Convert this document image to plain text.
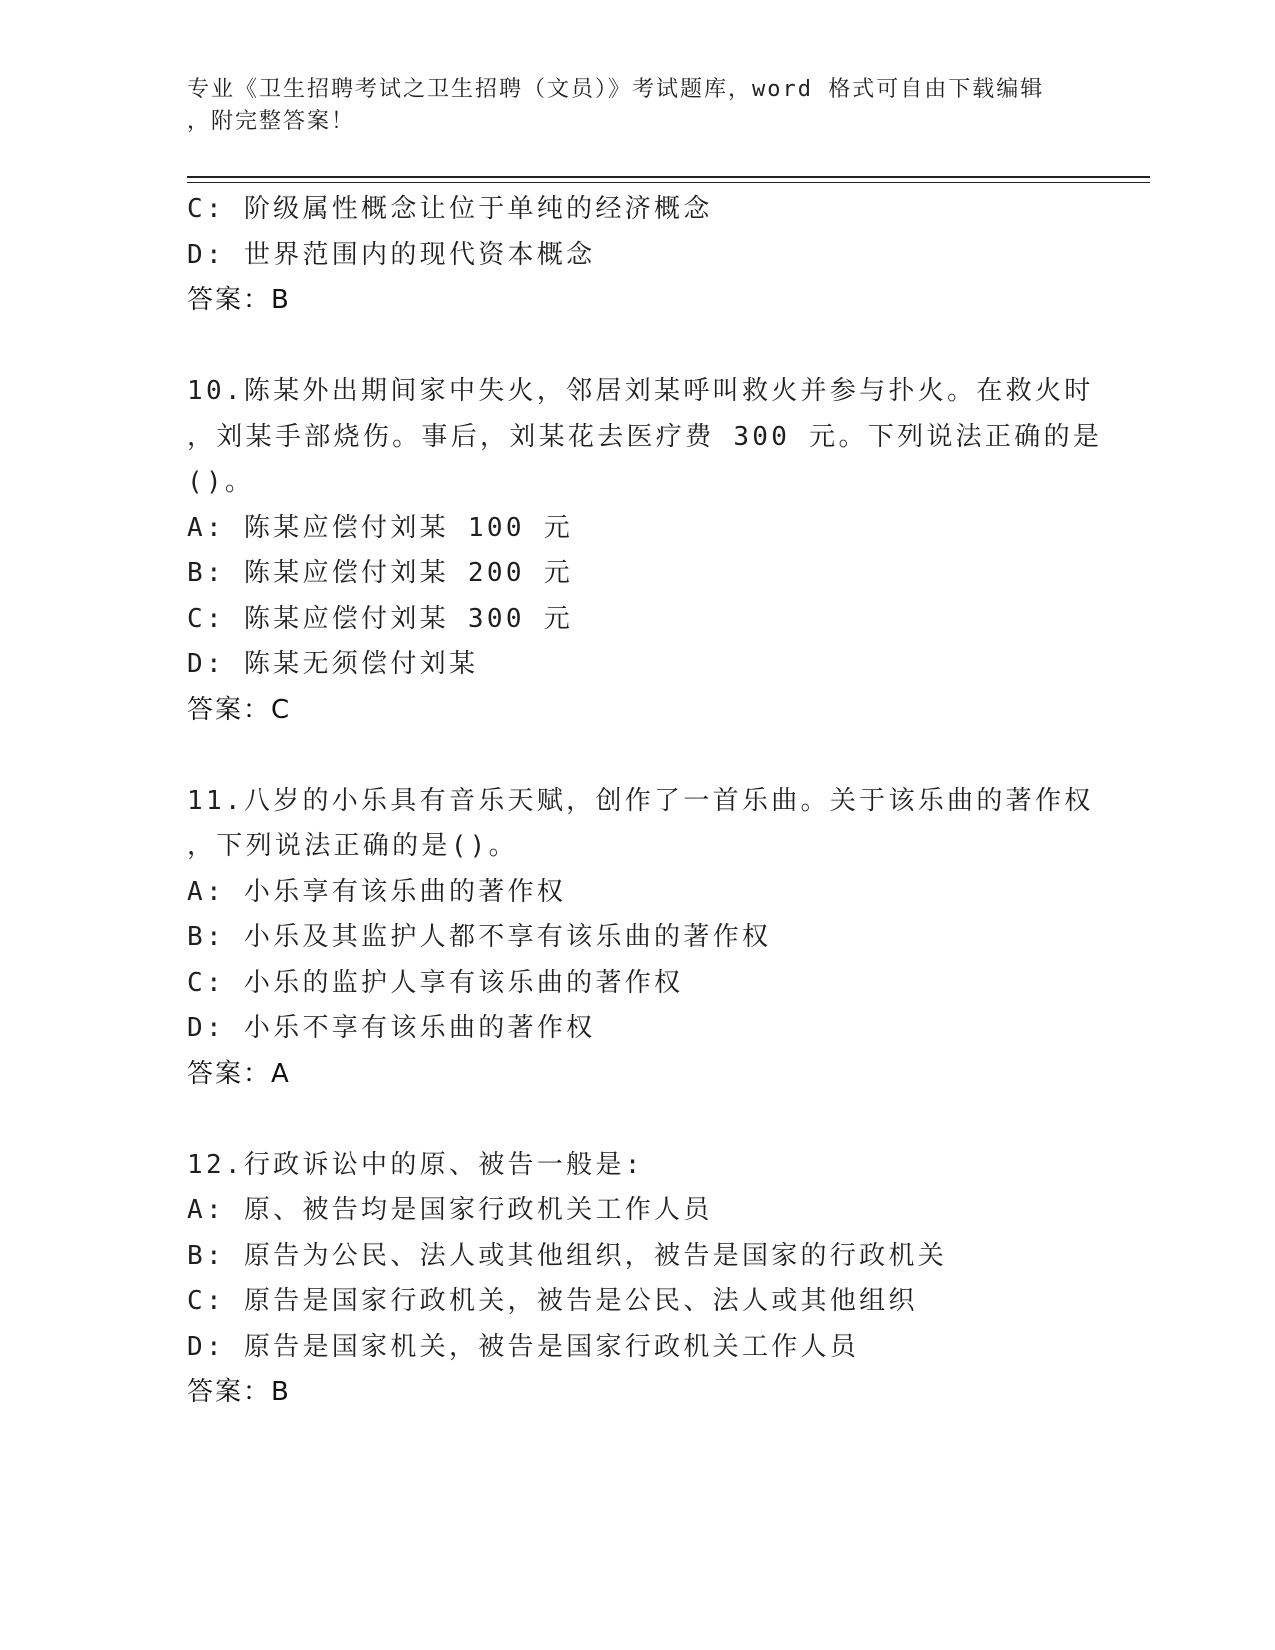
专业《卫生招聘考试之卫生招聘（文员）》考试题库，word 格式可自由下载编辑
，附完整答案！
C: 阶级属性概念让位于单纯的经济概念
D: 世界范围内的现代资本概念
答案：B
10.陈某外出期间家中失火，邻居刘某呼叫救火并参与扑火。在救火时
，刘某手部烧伤。事后，刘某花去医疗费 300 元。下列说法正确的是
()。
A: 陈某应偿付刘某 100 元
B: 陈某应偿付刘某 200 元
C: 陈某应偿付刘某 300 元
D: 陈某无须偿付刘某
答案：C
11.八岁的小乐具有音乐天赋，创作了一首乐曲。关于该乐曲的著作权
，下列说法正确的是()。
A: 小乐享有该乐曲的著作权
B: 小乐及其监护人都不享有该乐曲的著作权
C: 小乐的监护人享有该乐曲的著作权
D: 小乐不享有该乐曲的著作权
答案：A
12.行政诉讼中的原、被告一般是:
A: 原、被告均是国家行政机关工作人员
B: 原告为公民、法人或其他组织，被告是国家的行政机关
C: 原告是国家行政机关，被告是公民、法人或其他组织
D: 原告是国家机关，被告是国家行政机关工作人员
答案：B
